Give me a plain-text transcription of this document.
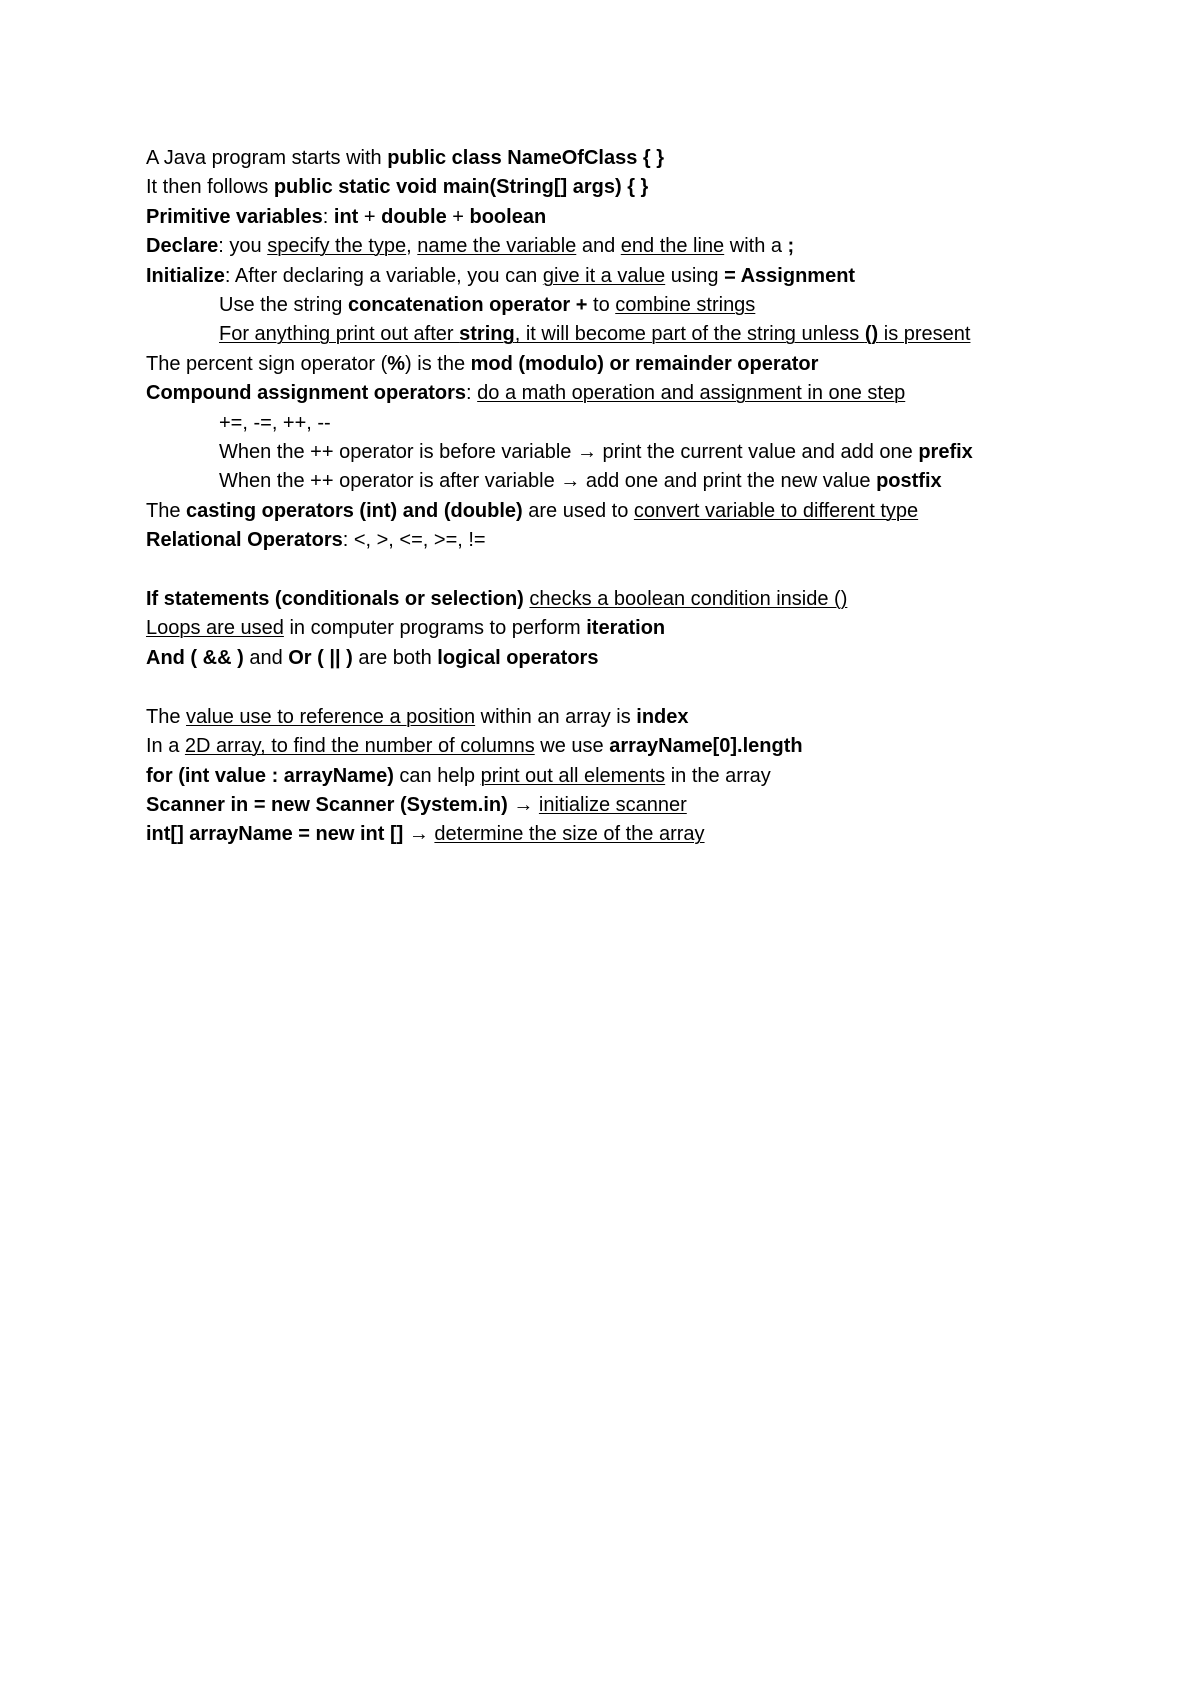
A Java program starts with public class NameOfClass { }
It then follows public static void main(String[] args) { }
Primitive variables: int + double + boolean
Declare: you specify the type, name the variable and end the line with a ;
Initialize: After declaring a variable, you can give it a value using = Assignment
Use the string concatenation operator + to combine strings
For anything print out after string, it will become part of the string unless () is present
The percent sign operator (%) is the mod (modulo) or remainder operator
Compound assignment operators: do a math operation and assignment in one step
+=, -=, ++, --
When the ++ operator is before variable → print the current value and add one prefix
When the ++ operator is after variable → add one and print the new value postfix
The casting operators (int) and (double) are used to convert variable to different type
Relational Operators: <, >, <=, >=, !=
If statements (conditionals or selection) checks a boolean condition inside ()
Loops are used in computer programs to perform iteration
And ( && ) and Or ( || ) are both logical operators
The value use to reference a position within an array is index
In a 2D array, to find the number of columns we use arrayName[0].length
for (int value : arrayName) can help print out all elements in the array
Scanner in = new Scanner (System.in) → initialize scanner
int[] arrayName = new int [] → determine the size of the array
